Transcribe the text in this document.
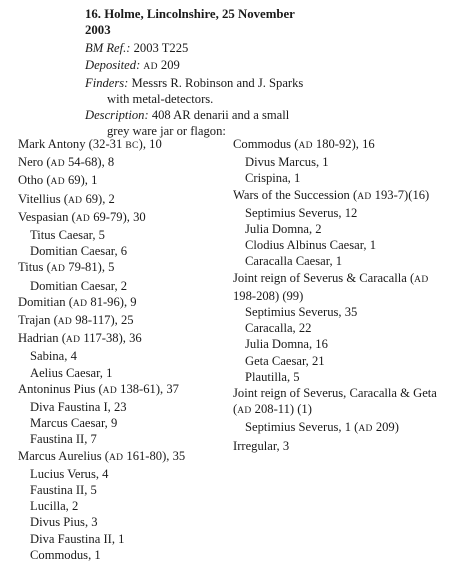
16. Holme, Lincolnshire, 25 November
2003
BM Ref.: 2003 T225
Deposited: AD 209
Finders: Messrs R. Robinson and J. Sparks
with metal-detectors.
Description: 408 AR denarii and a small
grey ware jar or flagon:
Mark Antony (32-31 BC), 10
Nero (AD 54-68), 8
Otho (AD 69), 1
Vitellius (AD 69), 2
Vespasian (AD 69-79), 30
Titus Caesar, 5
Domitian Caesar, 6
Titus (AD 79-81), 5
Domitian Caesar, 2
Domitian (AD 81-96), 9
Trajan (AD 98-117), 25
Hadrian (AD 117-38), 36
Sabina, 4
Aelius Caesar, 1
Antoninus Pius (AD 138-61), 37
Diva Faustina I, 23
Marcus Caesar, 9
Faustina II, 7
Marcus Aurelius (AD 161-80), 35
Lucius Verus, 4
Faustina II, 5
Lucilla, 2
Divus Pius, 3
Diva Faustina II, 1
Commodus, 1
Commodus (AD 180-92), 16
Divus Marcus, 1
Crispina, 1
Wars of the Succession (AD 193-7)(16)
Septimius Severus, 12
Julia Domna, 2
Clodius Albinus Caesar, 1
Caracalla Caesar, 1
Joint reign of Severus & Caracalla (AD
198-208) (99)
Septimius Severus, 35
Caracalla, 22
Julia Domna, 16
Geta Caesar, 21
Plautilla, 5
Joint reign of Severus, Caracalla & Geta
(AD 208-11) (1)
Septimius Severus, 1 (AD 209)
Irregular, 3
